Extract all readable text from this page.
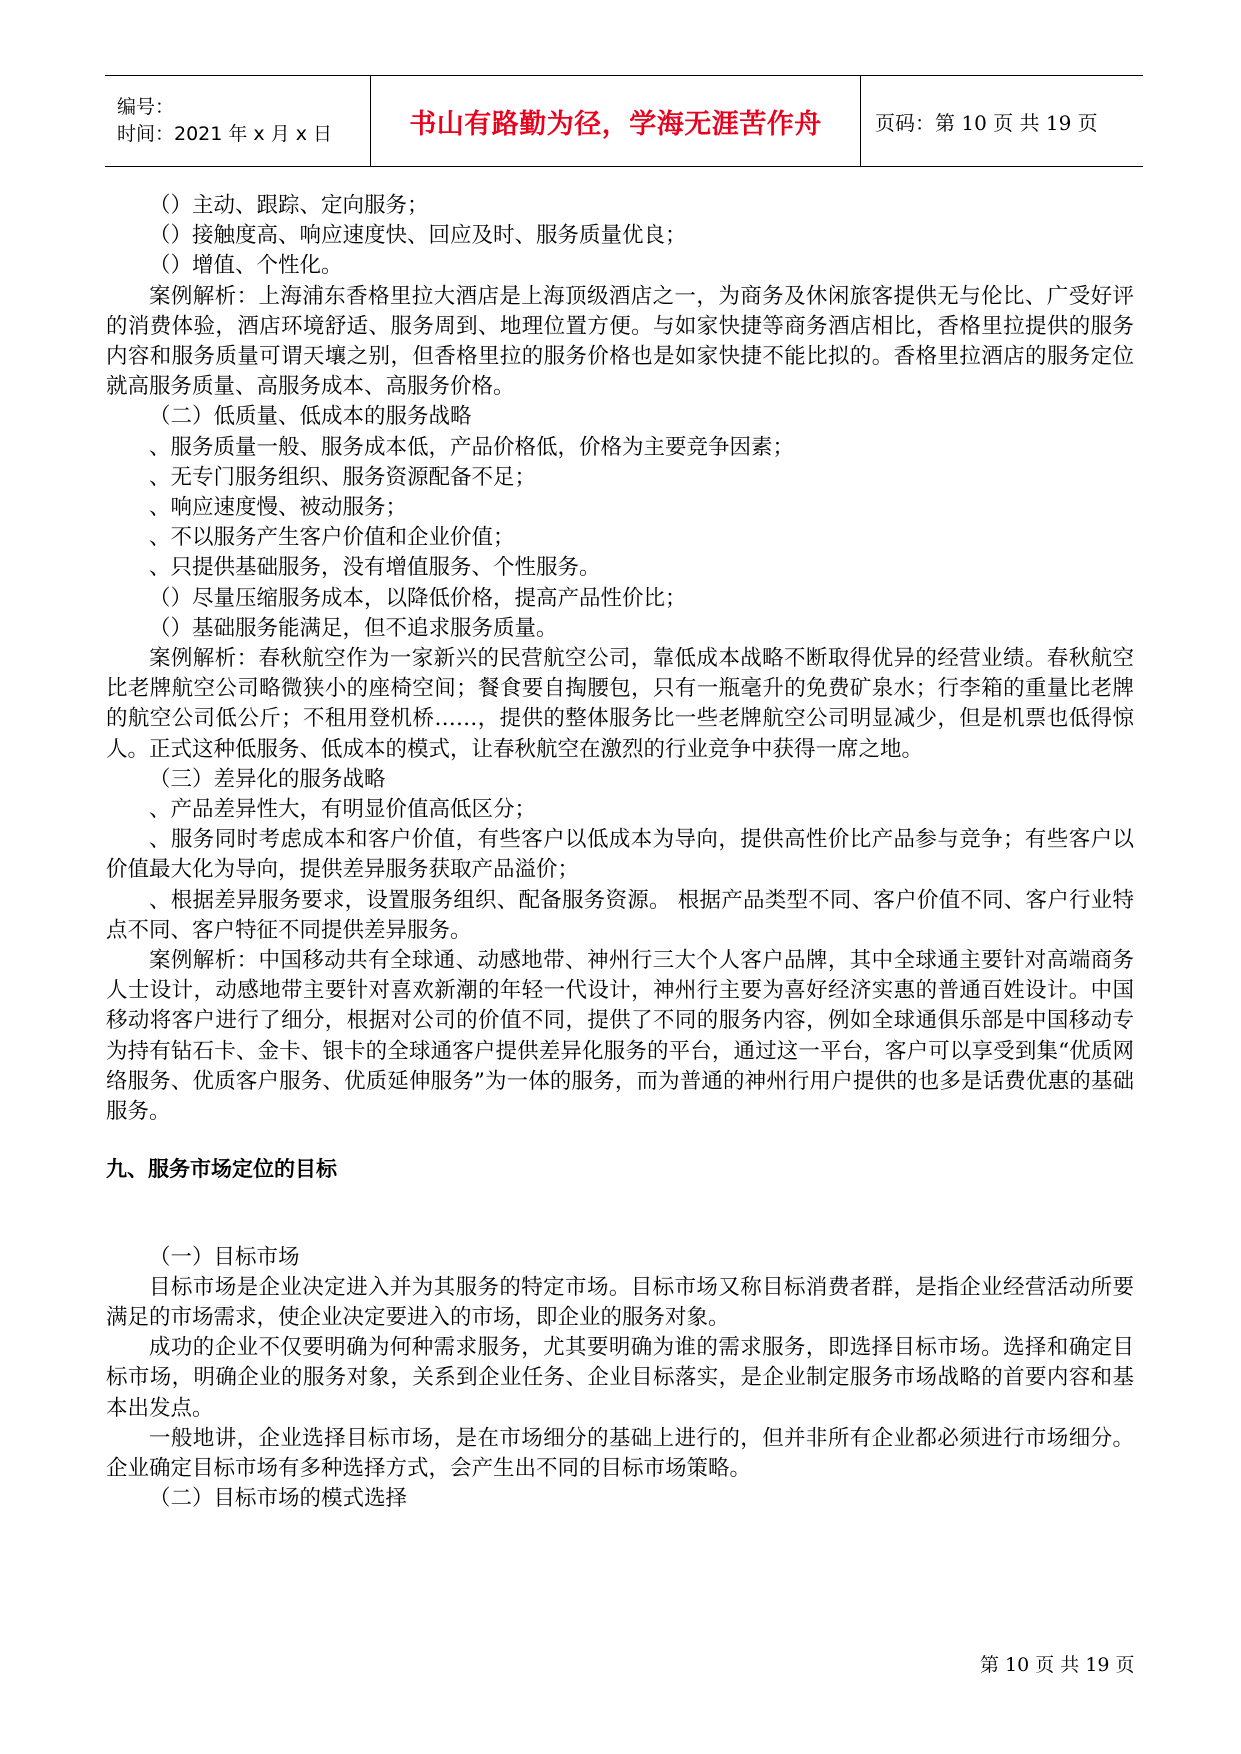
编号：
时间：2021 年 x 月 x 日	书山有路勤为径，学海无涯苦作舟	页码：第 10 页 共 19 页

（）主动、跟踪、定向服务；

（）接触度高、响应速度快、回应及时、服务质量优良；

（）增值、个性化。

案例解析：上海浦东香格里拉大酒店是上海顶级酒店之一，为商务及休闲旅客提供无与伦比、广受好评的消费体验，酒店环境舒适、服务周到、地理位置方便。与如家快捷等商务酒店相比，香格里拉提供的服务内容和服务质量可谓天壤之别，但香格里拉的服务价格也是如家快捷不能比拟的。香格里拉酒店的服务定位就高服务质量、高服务成本、高服务价格。

（二）低质量、低成本的服务战略

、服务质量一般、服务成本低，产品价格低，价格为主要竞争因素；

、无专门服务组织、服务资源配备不足；

、响应速度慢、被动服务；

、不以服务产生客户价值和企业价值；

、只提供基础服务，没有增值服务、个性服务。

（）尽量压缩服务成本，以降低价格，提高产品性价比；

（）基础服务能满足，但不追求服务质量。

案例解析：春秋航空作为一家新兴的民营航空公司，靠低成本战略不断取得优异的经营业绩。春秋航空比老牌航空公司略微狭小的座椅空间；餐食要自掏腰包，只有一瓶毫升的免费矿泉水；行李箱的重量比老牌的航空公司低公斤；不租用登机桥……，提供的整体服务比一些老牌航空公司明显减少，但是机票也低得惊人。正式这种低服务、低成本的模式，让春秋航空在激烈的行业竞争中获得一席之地。

（三）差异化的服务战略

、产品差异性大，有明显价值高低区分；

、服务同时考虑成本和客户价值，有些客户以低成本为导向，提供高性价比产品参与竞争；有些客户以价值最大化为导向，提供差异服务获取产品溢价；

、根据差异服务要求，设置服务组织、配备服务资源。 根据产品类型不同、客户价值不同、客户行业特点不同、客户特征不同提供差异服务。

案例解析：中国移动共有全球通、动感地带、神州行三大个人客户品牌，其中全球通主要针对高端商务人士设计，动感地带主要针对喜欢新潮的年轻一代设计，神州行主要为喜好经济实惠的普通百姓设计。中国移动将客户进行了细分，根据对公司的价值不同，提供了不同的服务内容，例如全球通俱乐部是中国移动专为持有钻石卡、金卡、银卡的全球通客户提供差异化服务的平台，通过这一平台，客户可以享受到集“优质网络服务、优质客户服务、优质延伸服务”为一体的服务，而为普通的神州行用户提供的也多是话费优惠的基础服务。

九、服务市场定位的目标

（一）目标市场

目标市场是企业决定进入并为其服务的特定市场。目标市场又称目标消费者群，是指企业经营活动所要满足的市场需求，使企业决定要进入的市场，即企业的服务对象。

成功的企业不仅要明确为何种需求服务，尤其要明确为谁的需求服务，即选择目标市场。选择和确定目标市场，明确企业的服务对象，关系到企业任务、企业目标落实，是企业制定服务市场战略的首要内容和基本出发点。

一般地讲，企业选择目标市场，是在市场细分的基础上进行的，但并非所有企业都必须进行市场细分。企业确定目标市场有多种选择方式，会产生出不同的目标市场策略。

（二）目标市场的模式选择

第 10 页 共 19 页
